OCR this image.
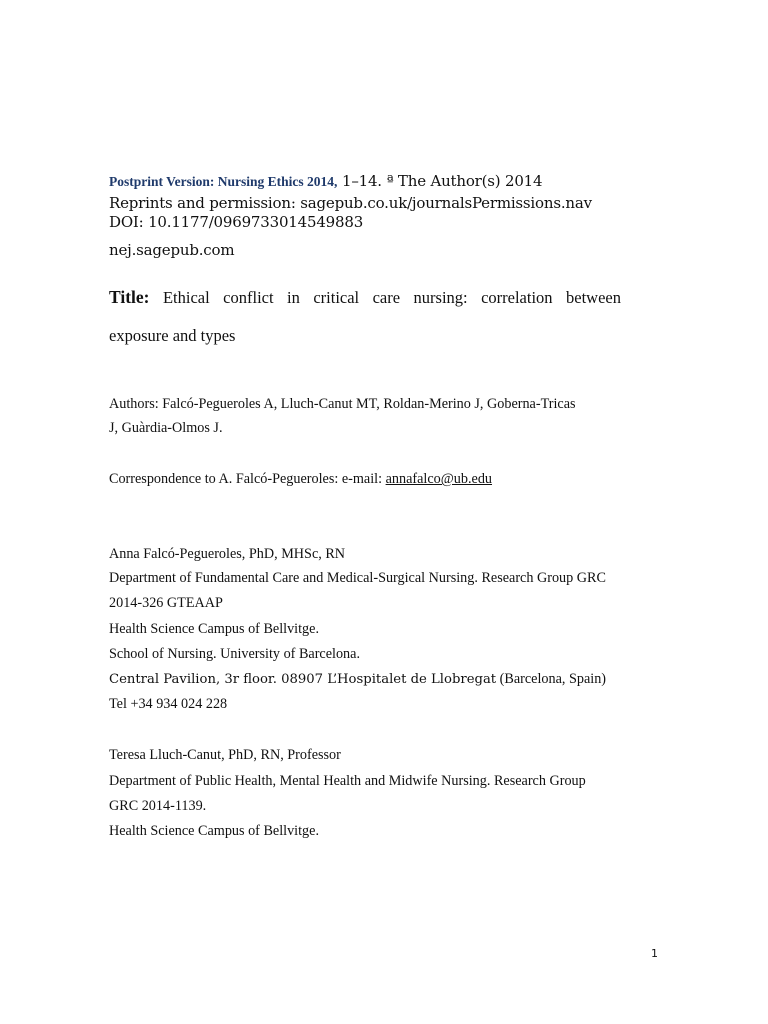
Postprint Version: Nursing Ethics 2014, 1–14. ª The Author(s) 2014
Reprints and permission: sagepub.co.uk/journalsPermissions.nav
DOI: 10.1177/0969733014549883
nej.sagepub.com
Title: Ethical conflict in critical care nursing: correlation between
exposure and types
Authors: Falcó-Pegueroles A, Lluch-Canut MT, Roldan-Merino J, Goberna-Tricas
J, Guàrdia-Olmos J.
Correspondence to A. Falcó-Pegueroles: e-mail: annafalco@ub.edu
Anna Falcó-Pegueroles, PhD, MHSc, RN
Department of Fundamental Care and Medical-Surgical Nursing. Research Group GRC
2014-326 GTEAAP
Health Science Campus of Bellvitge.
School of Nursing. University of Barcelona.
Central Pavilion, 3r floor. 08907 L’Hospitalet de Llobregat (Barcelona, Spain)
Tel +34 934 024 228
Teresa Lluch-Canut, PhD, RN, Professor
Department of Public Health, Mental Health and Midwife Nursing. Research Group
GRC 2014-1139.
Health Science Campus of Bellvitge.
1
